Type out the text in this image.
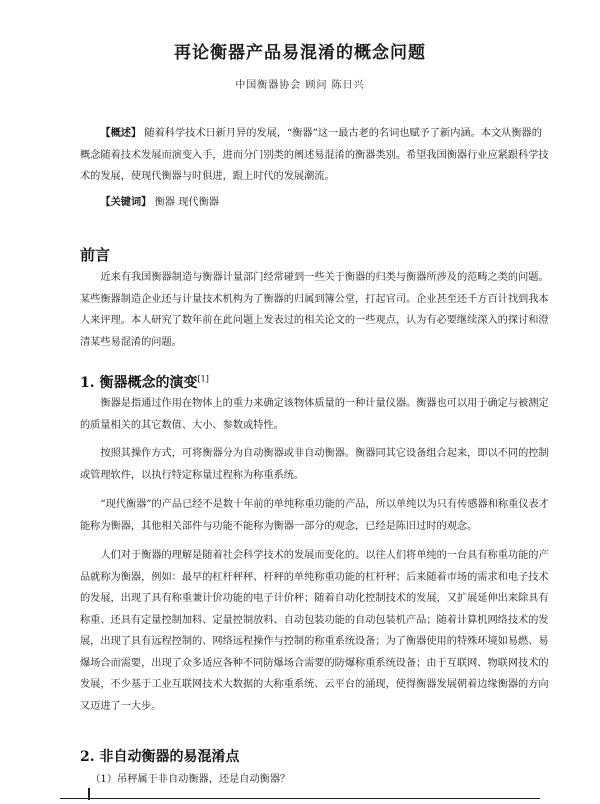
再论衡器产品易混淆的概念问题
中国衡器协会 顾问 陈日兴
【概述】 随着科学技术日新月异的发展，“衡器”这一最古老的名词也赋予了新内涵。本文从衡器的概念随着技术发展而演变入手，进而分门别类的阐述易混淆的衡器类别。希望我国衡器行业应紧跟科学技术的发展，使现代衡器与时俱进，跟上时代的发展潮流。
【关键词】 衡器 现代衡器
前言

近来有我国衡器制造与衡器计量部门经常碰到一些关于衡器的归类与衡器所涉及的范畴之类的问题。某些衡器制造企业还与计量技术机构为了衡器的归属到簿公堂，打起官司。企业甚至还千方百计找到我本人来评理。本人研究了数年前在此问题上发表过的相关论文的一些观点，认为有必要继续深入的探讨和澄清某些易混淆的问题。

1. 衡器概念的演变[1]

衡器是指通过作用在物体上的重力来确定该物体质量的一种计量仪器。衡器也可以用于确定与被测定的质量相关的其它数值、大小、参数或特性。

按照其操作方式，可将衡器分为自动衡器或非自动衡器。衡器同其它设备组合起来，即以不同的控制或管理软件，以执行特定称量过程称为称重系统。

“现代衡器”的产品已经不是数十年前的单纯称重功能的产品，所以单纯以为只有传感器和称重仪表才能称为衡器，其他相关部件与功能不能称为衡器一部分的观念，已经是陈旧过时的观念。

人们对于衡器的理解是随着社会科学技术的发展而变化的。以往人们将单纯的一台具有称重功能的产品就称为衡器，例如：最早的杠杆秤秤、杆秤的单纯称重功能的杠杆秤；后来随着市场的需求和电子技术的发展，出现了具有称重兼计价功能的电子计价秤；随着自动化控制技术的发展，又扩展延伸出来除具有称重、还具有定量控制加料、定量控制放料、自动包装功能的自动包装机产品；随着计算机网络技术的发展，出现了具有远程控制的、网络远程操作与控制的称重系统设备；为了衡器使用的特殊环境如易燃、易爆场合而需要，出现了众多适应各种不同防爆场合需要的防爆称重系统设备；由于互联网、物联网技术的发展，不少基于工业互联网技术大数据的大称重系统、云平台的涌现，使得衡器发展朝着边缘衡器的方向又迈进了一大步。

2. 非自动衡器的易混淆点
（1）吊秤属于非自动衡器，还是自动衡器？
